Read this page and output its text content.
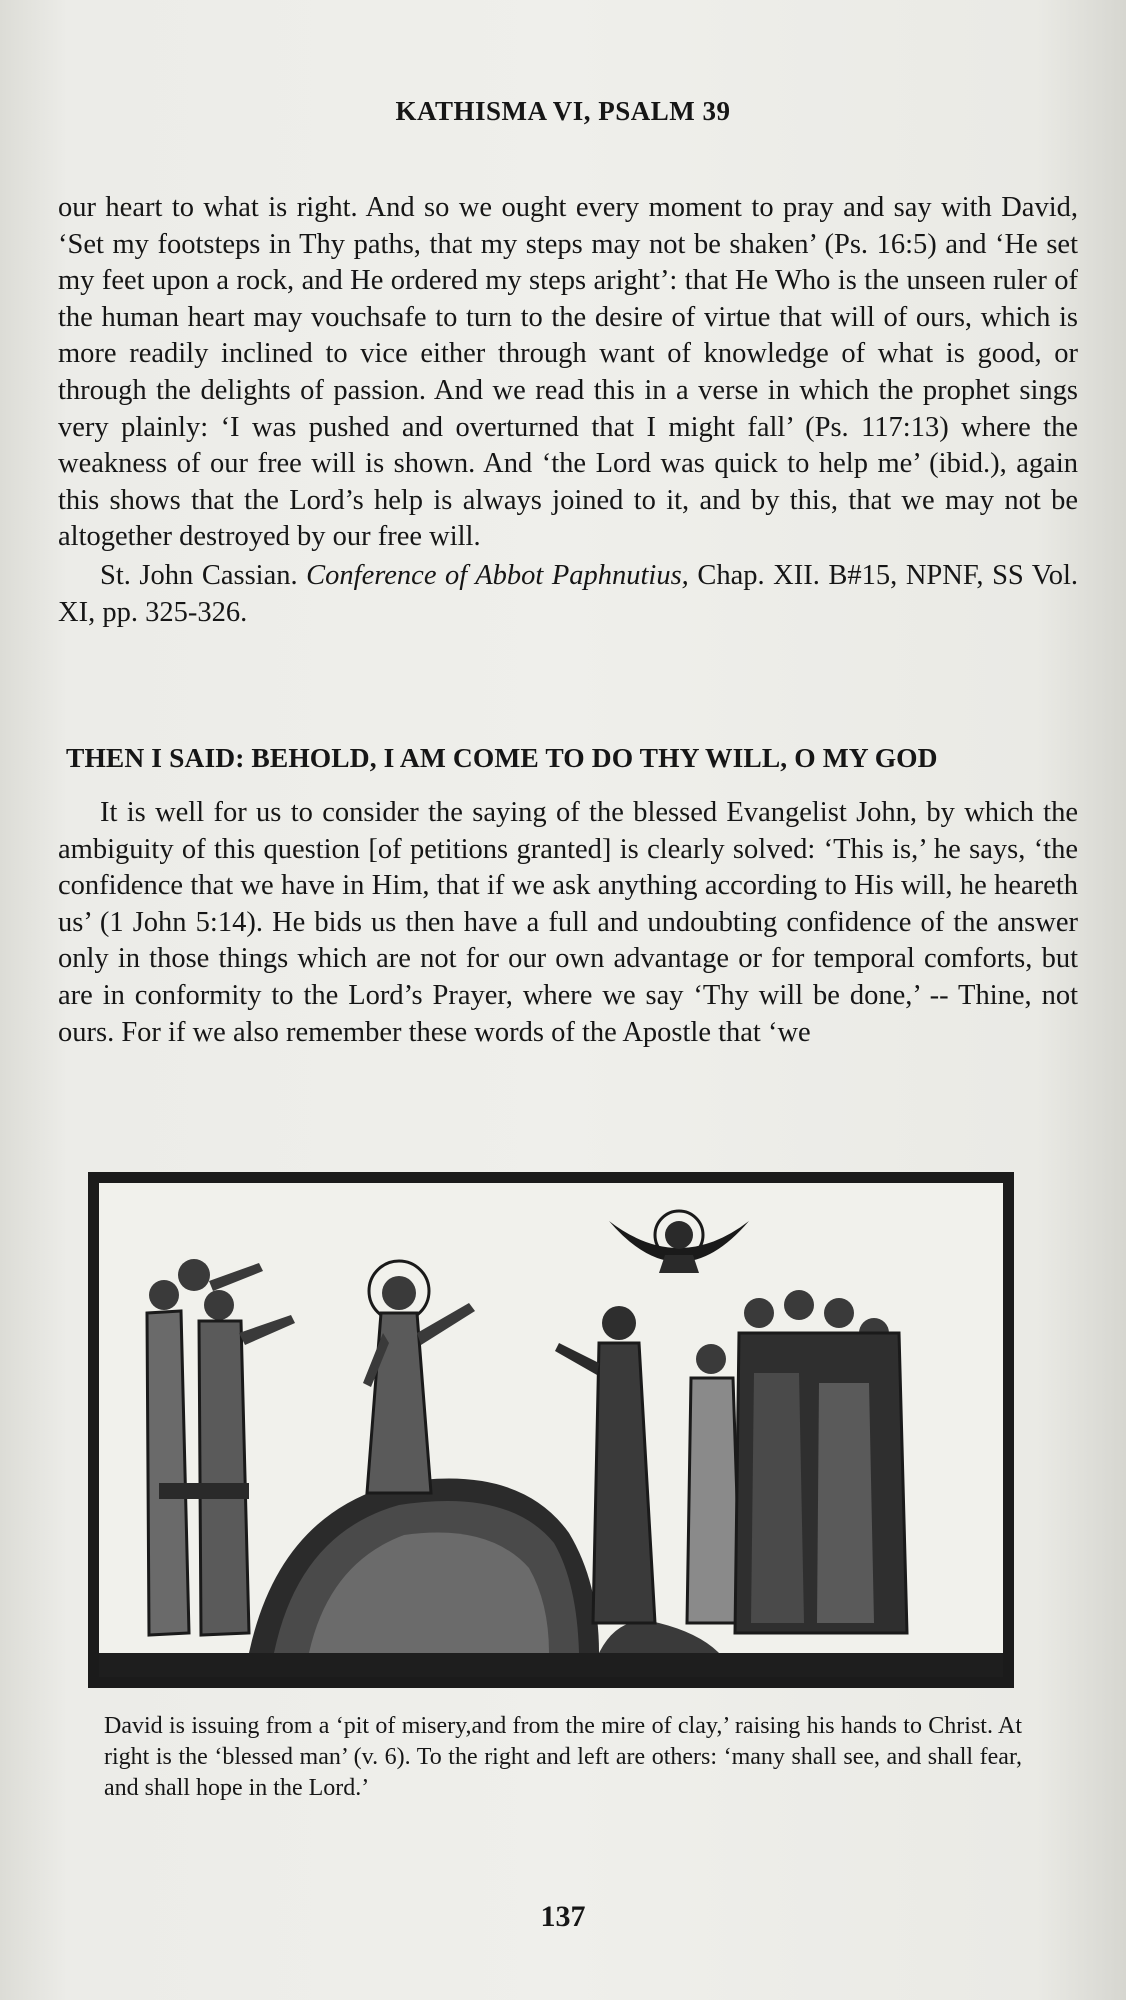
KATHISMA VI, PSALM 39

our heart to what is right. And so we ought every moment to pray and say with David, ‘Set my footsteps in Thy paths, that my steps may not be shaken’ (Ps. 16:5) and ‘He set my feet upon a rock, and He ordered my steps aright’: that He Who is the unseen ruler of the human heart may vouchsafe to turn to the desire of virtue that will of ours, which is more readily inclined to vice either through want of knowledge of what is good, or through the delights of passion. And we read this in a verse in which the prophet sings very plainly: ‘I was pushed and overturned that I might fall’ (Ps. 117:13) where the weakness of our free will is shown. And ‘the Lord was quick to help me’ (ibid.), again this shows that the Lord’s help is always joined to it, and by this, that we may not be altogether destroyed by our free will.

St. John Cassian. Conference of Abbot Paphnutius, Chap. XII. B#15, NPNF, SS Vol. XI, pp. 325-326.

THEN I SAID: BEHOLD, I AM COME TO DO THY WILL, O MY GOD

It is well for us to consider the saying of the blessed Evangelist John, by which the ambiguity of this question [of petitions granted] is clearly solved: ‘This is,’ he says, ‘the confidence that we have in Him, that if we ask anything according to His will, he heareth us’ (1 John 5:14). He bids us then have a full and undoubting confidence of the answer only in those things which are not for our own advantage or for temporal comforts, but are in conformity to the Lord’s Prayer, where we say ‘Thy will be done,’ -- Thine, not ours. For if we also remember these words of the Apostle that ‘we

David is issuing from a ‘pit of misery,and from the mire of clay,’ raising his hands to Christ. At right is the ‘blessed man’ (v. 6). To the right and left are others: ‘many shall see, and shall fear, and shall hope in the Lord.’
137
